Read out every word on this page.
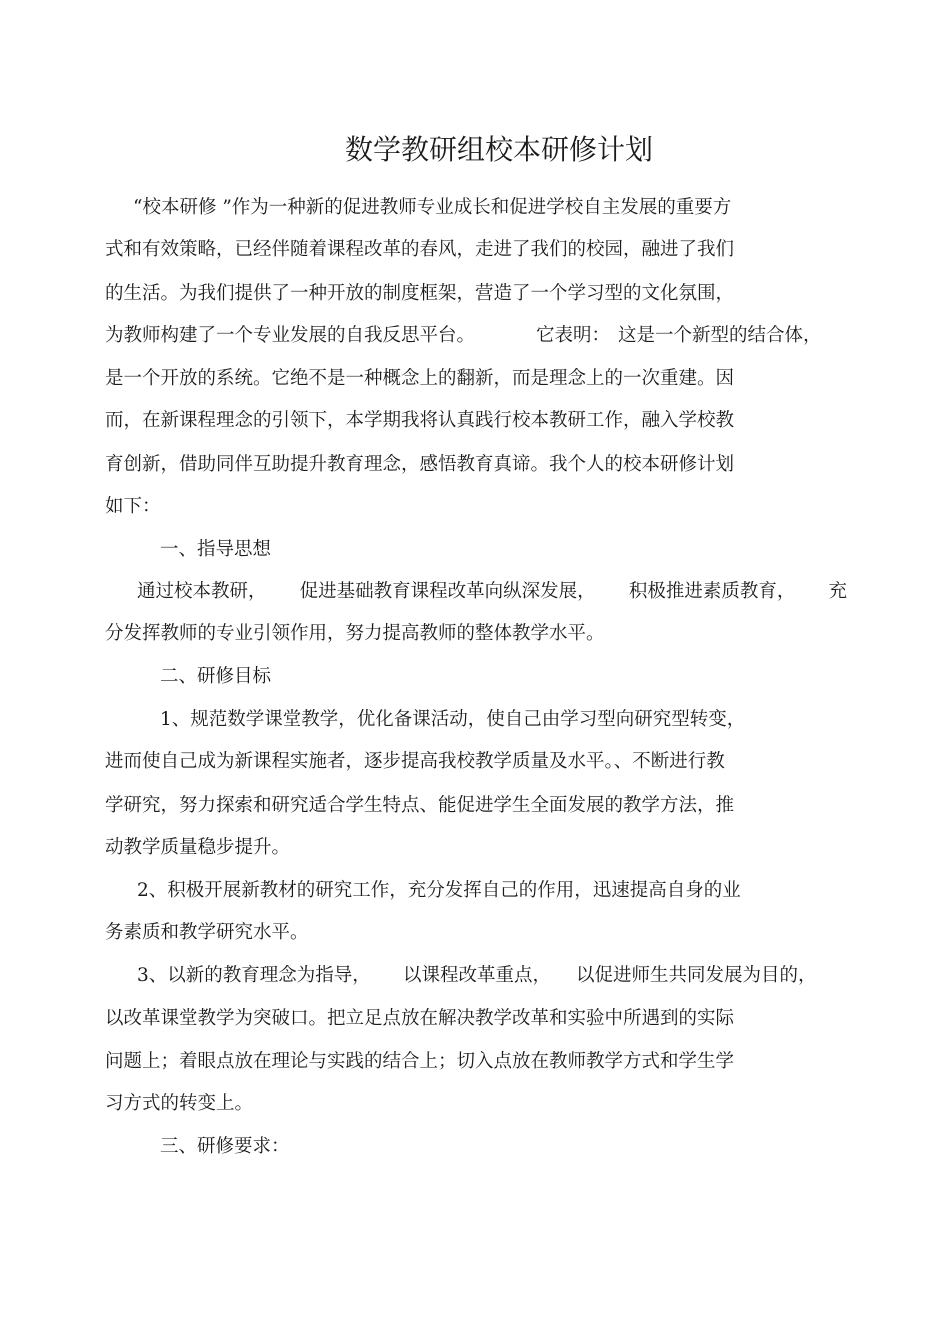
数学教研组校本研修计划

“校本研修 ”作为一种新的促进教师专业成长和促进学校自主发展的重要方

式和有效策略，已经伴随着课程改革的春风，走进了我们的校园，融进了我们

的生活。为我们提供了一种开放的制度框架，营造了一个学习型的文化氛围，

为教师构建了一个专业发展的自我反思平台。	它表明： 这是一个新型的结合体，

是一个开放的系统。它绝不是一种概念上的翻新，而是理念上的一次重建。因

而，在新课程理念的引领下，本学期我将认真践行校本教研工作，融入学校教

育创新，借助同伴互助提升教育理念，感悟教育真谛。我个人的校本研修计划

如下：

一、指导思想

通过校本教研， 促进基础教育课程改革向纵深发展， 积极推进素质教育， 充

分发挥教师的专业引领作用，努力提高教师的整体教学水平。

二、研修目标

1、规范数学课堂教学，优化备课活动，使自己由学习型向研究型转变，

进而使自己成为新课程实施者，逐步提高我校教学质量及水平。、不断进行教

学研究，努力探索和研究适合学生特点、能促进学生全面发展的教学方法，推

动教学质量稳步提升。

2、积极开展新教材的研究工作，充分发挥自己的作用，迅速提高自身的业

务素质和教学研究水平。

3、以新的教育理念为指导， 以课程改革重点， 以促进师生共同发展为目的，

以改革课堂教学为突破口。把立足点放在解决教学改革和实验中所遇到的实际

问题上；着眼点放在理论与实践的结合上；切入点放在教师教学方式和学生学

习方式的转变上。

三、研修要求：
